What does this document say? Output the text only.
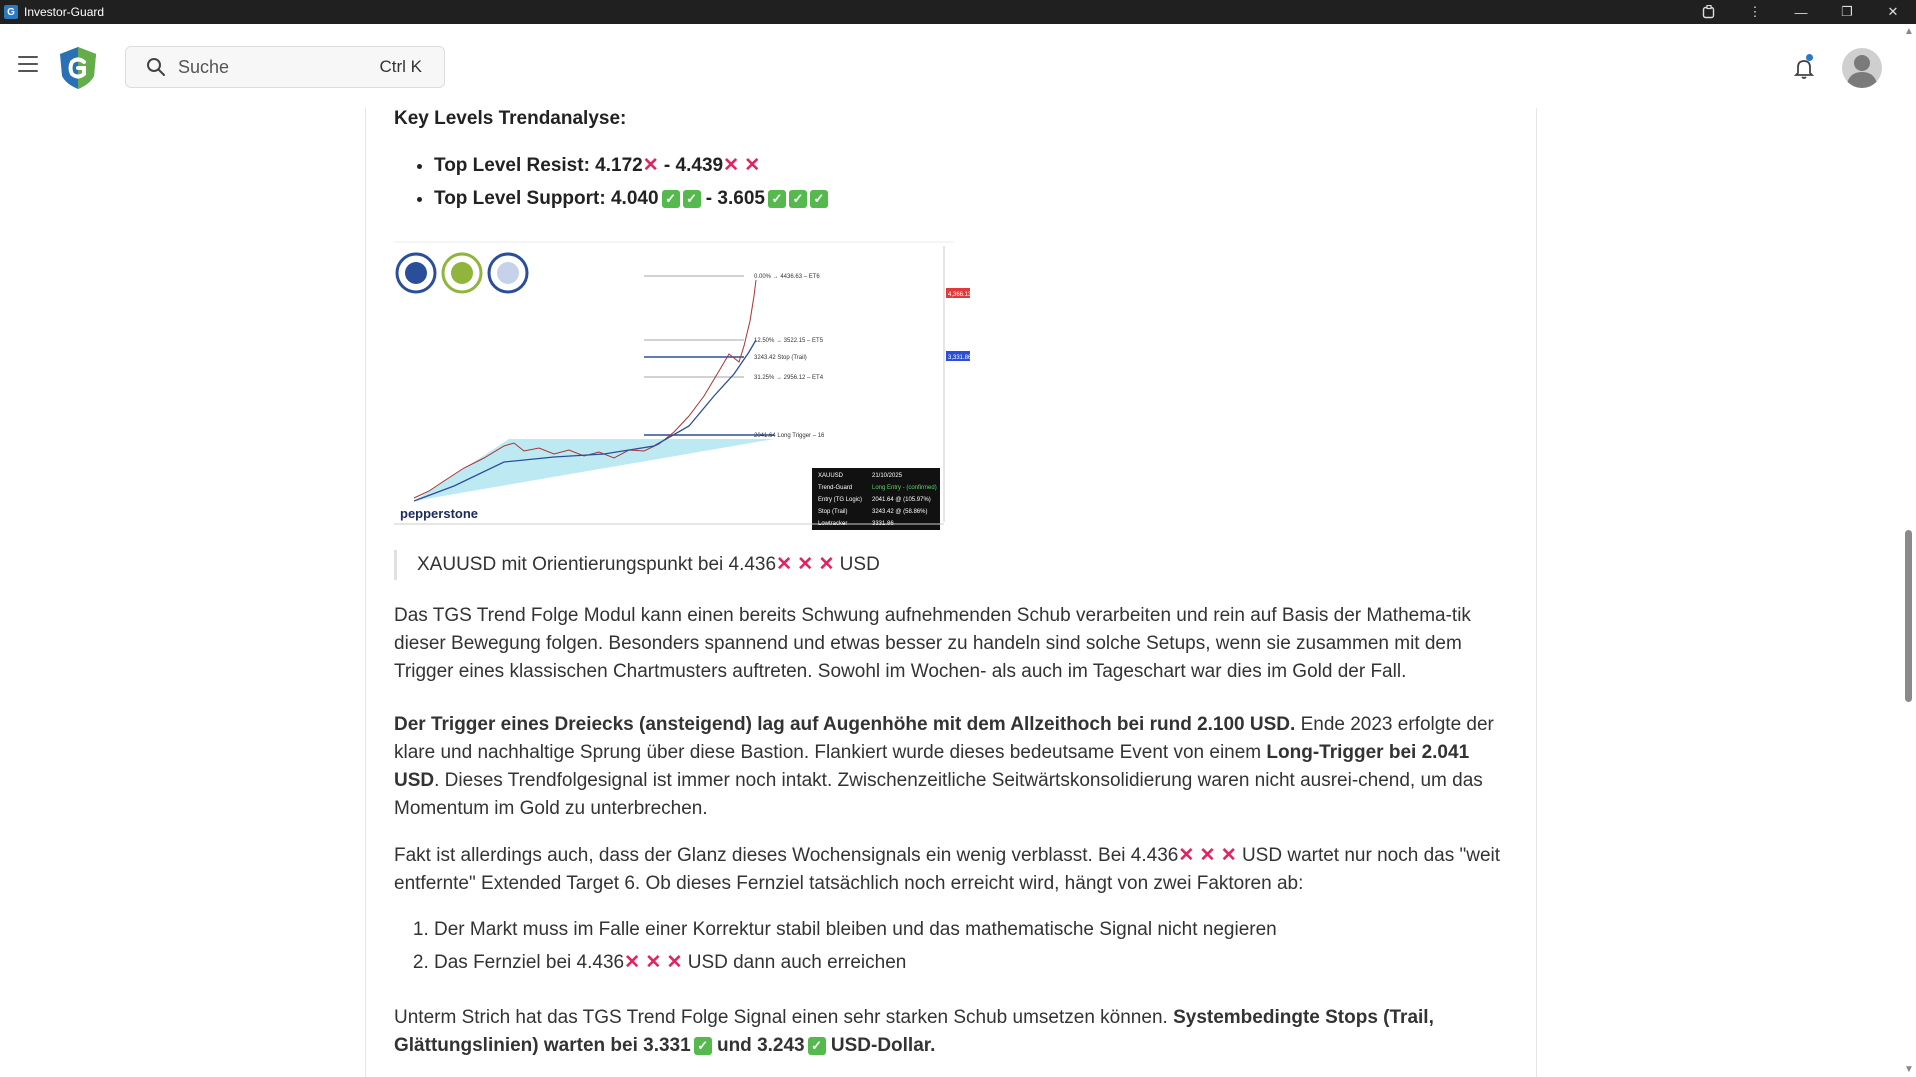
G Investor-Guard	⋮	—	❐	✕
Suche	Ctrl K
Key Levels Trendanalyse:
• Top Level Resist: 4.172✕ - 4.439✕ ✕
• Top Level Support: 4.040 ✓ ✓ - 3.605 ✓ ✓ ✓
0.00% → 4436.63 – ET6
12.50% → 3522.15 – ET5
3243.42 Stop (Trail)
31.25% → 2956.12 – ET4
2041.64 Long Trigger – 16
4,366.13
3,331.86
XAUUSD	21/10/2025
Trend-Guard	Long Entry - (confirmed)
Entry (TG Logic) 2041.64 @ (105.97%)
Stop (Trail)	3243.42 @ (58.86%)
Lowtracker	3331.86
pepperstone
XAUUSD mit Orientierungspunkt bei 4.436✕ ✕ ✕ USD

Das TGS Trend Folge Modul kann einen bereits Schwung aufnehmenden Schub verarbeiten und rein auf Basis der Mathema-tik dieser Bewegung folgen. Besonders spannend und etwas besser zu handeln sind solche Setups, wenn sie zusammen mit dem Trigger eines klassischen Chartmusters auftreten. Sowohl im Wochen- als auch im Tageschart war dies im Gold der Fall.

Der Trigger eines Dreiecks (ansteigend) lag auf Augenhöhe mit dem Allzeithoch bei rund 2.100 USD. Ende 2023 erfolgte der klare und nachhaltige Sprung über diese Bastion. Flankiert wurde dieses bedeutsame Event von einem Long-Trigger bei 2.041 USD. Dieses Trendfolgesignal ist immer noch intakt. Zwischenzeitliche Seitwärtskonsolidierung waren nicht ausrei-chend, um das Momentum im Gold zu unterbrechen.

Fakt ist allerdings auch, dass der Glanz dieses Wochensignals ein wenig verblasst. Bei 4.436✕ ✕ ✕ USD wartet nur noch das "weit entfernte" Extended Target 6. Ob dieses Fernziel tatsächlich noch erreicht wird, hängt von zwei Faktoren ab:

1. Der Markt muss im Falle einer Korrektur stabil bleiben und das mathematische Signal nicht negieren
2. Das Fernziel bei 4.436✕ ✕ ✕ USD dann auch erreichen

Unterm Strich hat das TGS Trend Folge Signal einen sehr starken Schub umsetzen können. Systembedingte Stops (Trail, Glättungslinien) warten bei 3.331 ✓ und 3.243 ✓ USD-Dollar.

▲
▼
